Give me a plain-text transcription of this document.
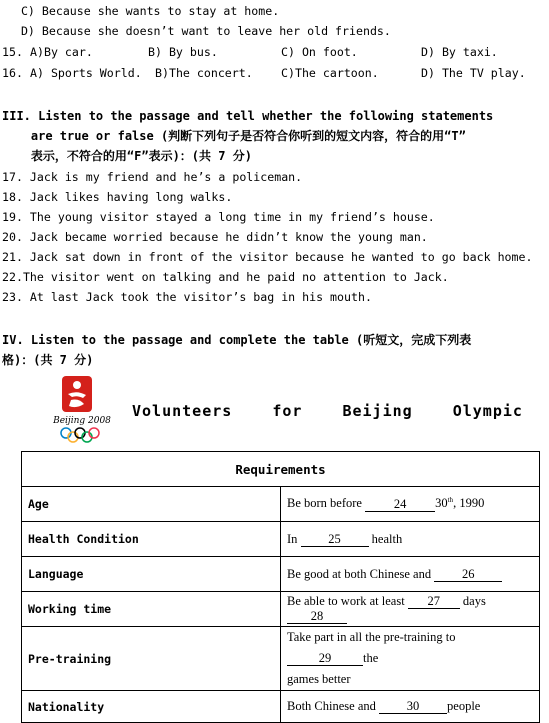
C) Because she wants to stay at home.
D) Because she doesn’t want to leave her old friends.
15. A)By car.	B) By bus.	C) On foot.	D) By taxi.
16. A) Sports World. B)The concert. C)The cartoon.	D) The TV play.
III. Listen to the passage and tell whether the following statements
are true or false (判断下列句子是否符合你听到的短文内容，符合的用“T”
表示，不符合的用“F”表示)：(共 7 分)
17. Jack is my friend and he’s a policeman.
18. Jack likes having long walks.
19. The young visitor stayed a long time in my friend’s house.
20. Jack became worried because he didn’t know the young man.
21. Jack sat down in front of the visitor because he wanted to go back home.
22.The visitor went on talking and he paid no attention to Jack.
23. At last Jack took the visitor’s bag in his mouth.
IV. Listen to the passage and complete the table (听短文，完成下列表
格)：(共 7 分)
Beijing 2008
Volunteers for Beijing Olympic
Requirements	
Age	Be born before 24 30th, 1990
Health Condition	In 25 health
Language	Be good at both Chinese and 26
Working time	Be able to work at least 27 days 28
Pre-training	Take part in all the pre-training to 29 the
games better
Nationality	Both Chinese and 30 people
